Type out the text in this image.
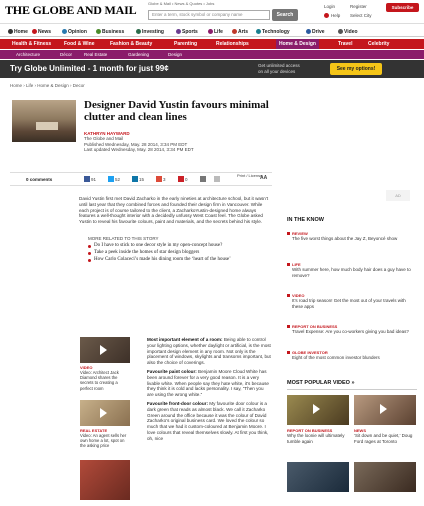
THE GLOBE AND MAIL	Globe & Mail • News & Quotes • Jobs
Enter a term, stock symbol or company name	Search
Login	Register
Help Select City
Subscribe
Home	News	Opinion	Business	Investing	Sports	Life	Arts	Technology	Drive	Video
Health & Fitness	Food & Wine	Fashion & Beauty	Parenting	Relationships	Home & Design	Travel	Celebrity
Architecture	Décor	Real Estate	Gardening	Design
Try Globe Unlimited - 1 month for just 99¢	Get unlimited access
on all your devices	See my options!
Home › Life › Home & Design › Decor
Designer David Yustin favours minimal clutter and clean lines
KATHRYN HAYWARD
The Globe and Mail
Published Wednesday, May. 28 2014, 3:34 PM EDT
Last updated Wednesday, May. 28 2014, 3:34 PM EDT
0 comments	91	52	15	3	0
Print / License
AA
David Yustin first met David Zacharko in the early nineties at architecture school, but it wasn’t until last year that they combined forces and founded their design firm in Vancouver. While each project is of course tailored to the client, a ZacharkoYustin-designed home always features a well-thought interior with a decidedly unfussy West Coast feel. The Globe asked Yustin to reveal his favourite colours, paint and materials, and the secrets behind his style.
MORE RELATED TO THIS STORY
Do I have to stick to one decor style in my open-concept house?
Take a peek inside the homes of star design bloggers
How Carlo Colaceci’s made his dining room the ‘heart of the house’
VIDEO
Video: Architect Jack Diamond shares the secrets to creating a perfect room
REAL ESTATE
Video: An agent sells her own home a lot, spot on the asking price

Most important element of a room: Being able to control your lighting options, whether daylight or artificial, is the most important design element in any room. Not only is the placement of windows, skylights and transoms important, but also the choice of coverings.

Favourite paint colour: Benjamin Moore Cloud White has been around forever for a very good reason. It is a very livable white. When people say they hate white, it’s because they think it is cold and lacks personality. I say, “Then you are using the wrong white.”

Favourite front-door colour: My favourite door colour is a dark green that reads as almost black. We call it Zacharko Green around the office because it was the colour of David Zacharko’s original business card. We loved the colour so much that we had it custom-coloured at Benjamin Moore. I love colours that reveal themselves slowly. At first you think, oh, nice

AD
IN THE KNOW
REVIEW
The five worst things about the Jay Z, Beyoncé show
LIFE
With summer here, how much body hair does a guy have to remove?
VIDEO
It’s road trip season! Get the most out of your travels with these apps
REPORT ON BUSINESS
Travel Expense: Are you co-workers giving you bad ideas?
GLOBE INVESTOR
Eight of the most common investor blunders
MOST POPULAR VIDEO »
REPORT ON BUSINESS
Why the loonie will ultimately tumble again
NEWS
‘Sit down and be quiet,’ Doug Ford rages at Toronto
